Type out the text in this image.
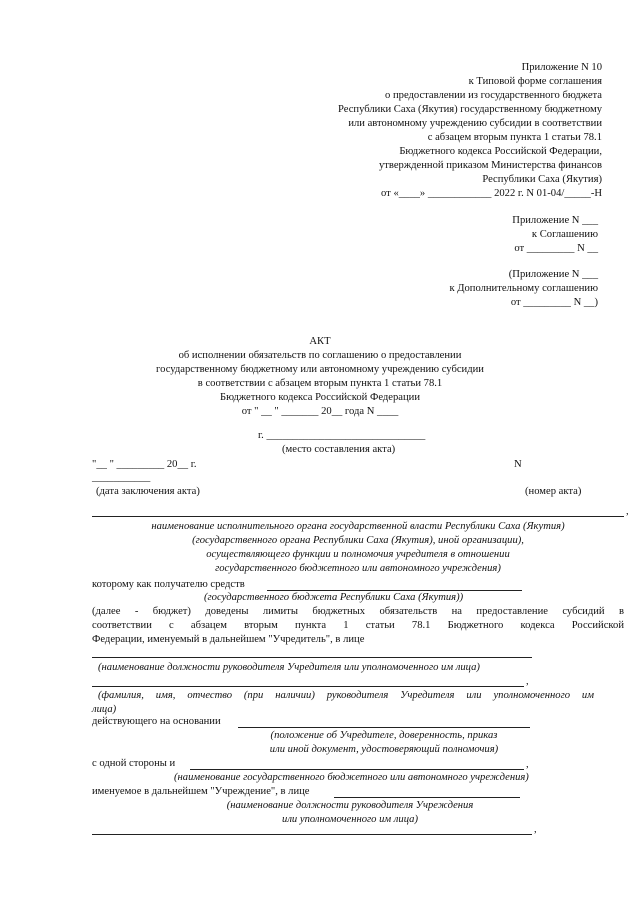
Приложение N 10
к Типовой форме соглашения
о предоставлении из государственного бюджета
Республики Саха (Якутия) государственному бюджетному
или автономному учреждению субсидии в соответствии
с абзацем вторым пункта 1 статьи 78.1
Бюджетного кодекса Российской Федерации,
утвержденной приказом Министерства финансов
Республики Саха (Якутия)
от «____» ____________ 2022 г. N 01-04/_____-Н
Приложение N ___
к Соглашению
от _________ N __
(Приложение N ___
к Дополнительному соглашению
от _________ N __)
АКТ
об исполнении обязательств по соглашению о предоставлении
государственному бюджетному или автономному учреждению субсидии
в соответствии с абзацем вторым пункта 1 статьи 78.1
Бюджетного кодекса Российской Федерации
от " __ " _______ 20__ года N ____
г. ______________________________
(место составления акта)
"__ " _________ 20__ г.	N
___________
(дата заключения акта)	(номер акта)
,
наименование исполнительного органа государственной власти Республики Саха (Якутия)
(государственного органа Республики Саха (Якутия), иной организации),
осуществляющего функции и полномочия учредителя в отношении
государственного бюджетного или автономного учреждения)
которому как получателю средств
(государственного бюджета Республики Саха (Якутия))
(далее - бюджет) доведены лимиты бюджетных обязательств на предоставление субсидий в
соответствии с абзацем вторым пункта 1 статьи 78.1 Бюджетного кодекса Российской
Федерации, именуемый в дальнейшем "Учредитель", в лице
(наименование должности руководителя Учредителя или уполномоченного им лица)
,
(фамилия, имя, отчество (при наличии) руководителя Учредителя или уполномоченного им
лица)
действующего на основании
(положение об Учредителе, доверенность, приказ
или иной документ, удостоверяющий полномочия)
с одной стороны и	,
(наименование государственного бюджетного или автономного учреждения)
именуемое в дальнейшем "Учреждение", в лице
(наименование должности руководителя Учреждения
или уполномоченного им лица)
,
